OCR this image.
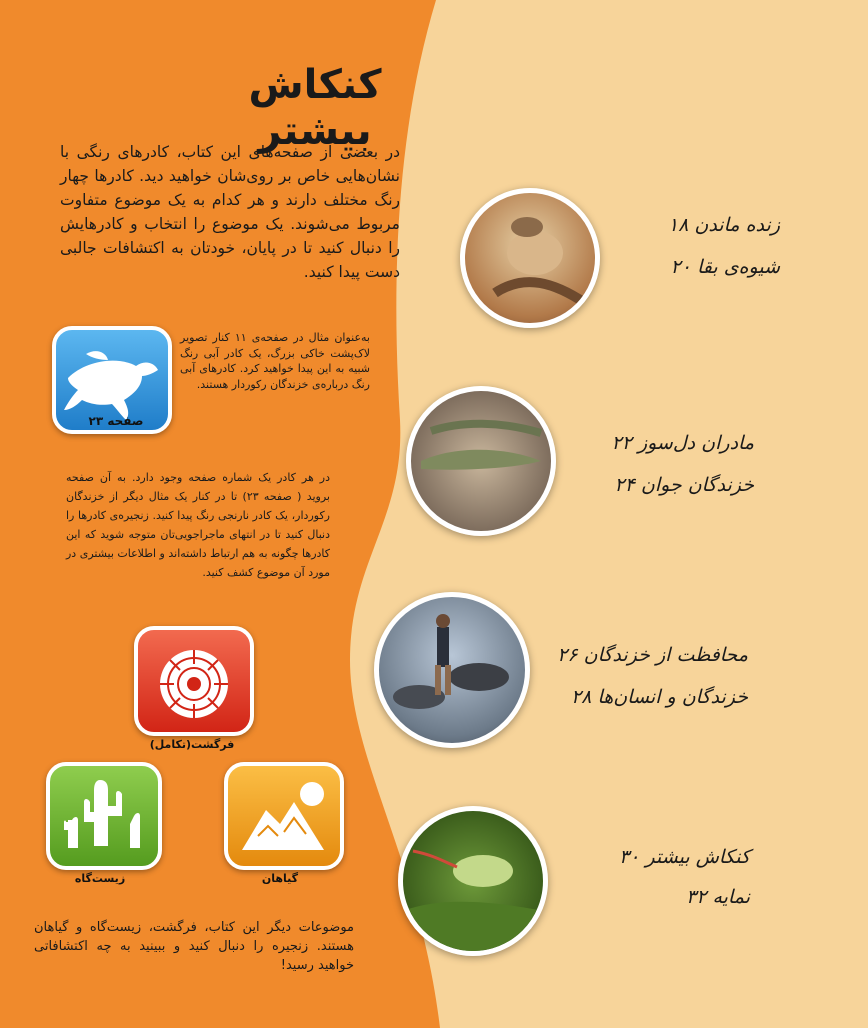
کنکاش بیشتر
در بعضی از صفحه‌های این کتاب، کادرهای رنگی با نشان‌هایی خاص بر روی‌شان خواهید دید. کادرها چهار رنگ مختلف دارند و هر کدام به یک موضوع متفاوت مربوط می‌شوند. یک موضوع را انتخاب و کادرهایش را دنبال کنید تا در پایان، خودتان به اکتشافات جالبی دست پیدا کنید.
صفحه ۲۳
به‌عنوان مثال در صفحه‌ی ۱۱ کنار تصویر لاک‌پشت خاکی بزرگ، یک کادر آبی رنگ شبیه به این پیدا خواهید کرد. کادرهای آبی رنگ درباره‌ی خزندگان رکوردار هستند.
در هر کادر یک شماره صفحه وجود دارد. به آن صفحه بروید ( صفحه ۲۳) تا در کنار یک مثال دیگر از خزندگان رکوردار، یک کادر نارنجی رنگ پیدا کنید. زنجیره‌ی کادرها را دنبال کنید تا در انتهای ماجراجویی‌تان متوجه شوید که این کادرها چگونه به هم ارتباط داشته‌اند و اطلاعات بیشتری در مورد آن موضوع کشف کنید.
فرگشت(تکامل)
زیست‌گاه	گیاهان
موضوعات دیگر این کتاب، فرگشت، زیست‌گاه و گیاهان هستند. زنجیره را دنبال کنید و ببینید به چه اکتشافاتی خواهید رسید!
زنده ماندن ۱۸
شیوه‌ی بقا ۲۰
مادران دل‌سوز ۲۲
خزندگان جوان ۲۴
محافظت از خزندگان ۲۶
خزندگان و انسان‌ها ۲۸
کنکاش بیشتر ۳۰
نمایه ۳۲
